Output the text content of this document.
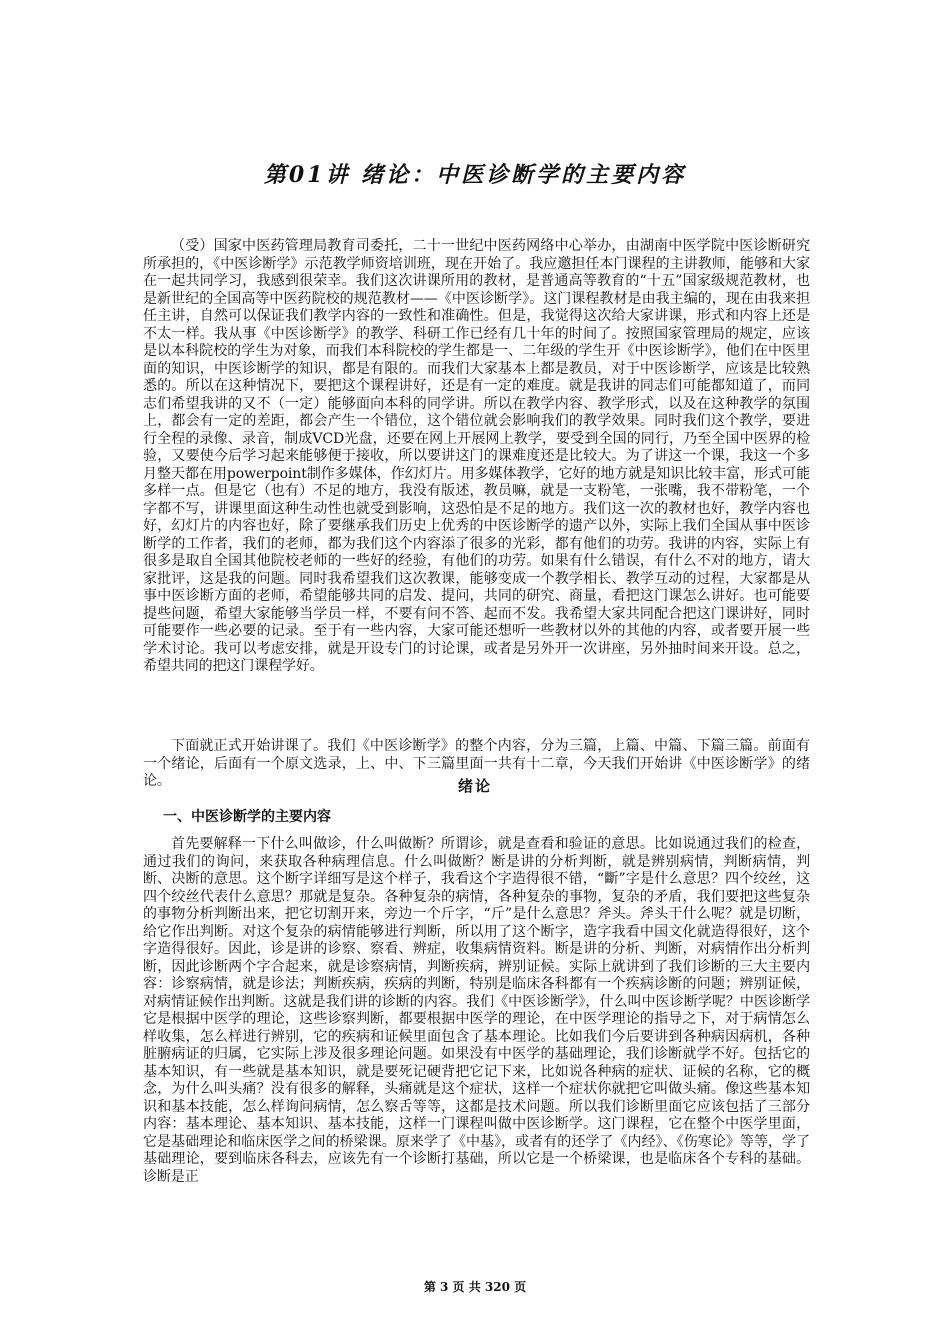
第01讲 绪论：中医诊断学的主要内容

（受）国家中医药管理局教育司委托，二十一世纪中医药网络中心举办，由湖南中医学院中医诊断研究所承担的，《中医诊断学》示范教学师资培训班，现在开始了。我应邀担任本门课程的主讲教师，能够和大家在一起共同学习，我感到很荣幸。我们这次讲课所用的教材，是普通高等教育的“十五”国家级规范教材，也是新世纪的全国高等中医药院校的规范教材——《中医诊断学》。这门课程教材是由我主编的，现在由我来担任主讲，自然可以保证我们教学内容的一致性和准确性。但是，我觉得这次给大家讲课，形式和内容上还是不太一样。我从事《中医诊断学》的教学、科研工作已经有几十年的时间了。按照国家管理局的规定，应该是以本科院校的学生为对象，而我们本科院校的学生都是一、二年级的学生开《中医诊断学》，他们在中医里面的知识，中医诊断学的知识，都是有限的。而我们大家基本上都是教员，对于中医诊断学，应该是比较熟悉的。所以在这种情况下，要把这个课程讲好，还是有一定的难度。就是我讲的同志们可能都知道了，而同志们希望我讲的又不（一定）能够面向本科的同学讲。所以在教学内容、教学形式，以及在这种教学的氛围上，都会有一定的差距，都会产生一个错位，这个错位就会影响我们的教学效果。同时我们这个教学，要进行全程的录像、录音，制成VCD光盘，还要在网上开展网上教学，要受到全国的同行，乃至全国中医界的检验，又要使今后学习起来能够便于接收，所以要讲这门的课难度还是比较大。为了讲这一个课，我这一个多月整天都在用powerpoint制作多媒体，作幻灯片。用多媒体教学，它好的地方就是知识比较丰富，形式可能多样一点。但是它（也有）不足的地方，我没有版述，教员嘛，就是一支粉笔，一张嘴，我不带粉笔，一个字都不写，讲课里面这种生动性也就受到影响，这恐怕是不足的地方。我们这一次的教材也好，教学内容也好，幻灯片的内容也好，除了要继承我们历史上优秀的中医诊断学的遗产以外，实际上我们全国从事中医诊断学的工作者，我们的老师，都为我们这个内容添了很多的光彩，都有他们的功劳。我讲的内容，实际上有很多是取自全国其他院校老师的一些好的经验，有他们的功劳。如果有什么错误，有什么不对的地方，请大家批评，这是我的问题。同时我希望我们这次教课，能够变成一个教学相长、教学互动的过程，大家都是从事中医诊断方面的老师，希望能够共同的启发、提问，共同的研究、商量，看把这门课怎么讲好。也可能要提些问题，希望大家能够当学员一样，不要有问不答、起而不发。我希望大家共同配合把这门课讲好，同时可能要作一些必要的记录。至于有一些内容，大家可能还想听一些教材以外的其他的内容，或者要开展一些学术讨论。我可以考虑安排，就是开设专门的讨论课，或者是另外开一次讲座，另外抽时间来开设。总之，希望共同的把这门课程学好。

下面就正式开始讲课了。我们《中医诊断学》的整个内容，分为三篇，上篇、中篇、下篇三篇。前面有一个绪论，后面有一个原文选录，上、中、下三篇里面一共有十二章，今天我们开始讲《中医诊断学》的绪论。	绪论
一、中医诊断学的主要内容

首先要解释一下什么叫做诊，什么叫做断？所谓诊，就是查看和验证的意思。比如说通过我们的检查，通过我们的询问，来获取各种病理信息。什么叫做断？断是讲的分析判断，就是辨别病情，判断病情，判断、决断的意思。这个断字详细写是这个样子，我看这个字造得很不错，“斷”字是什么意思？四个绞丝，这四个绞丝代表什么意思？那就是复杂。各种复杂的病情，各种复杂的事物，复杂的矛盾，我们要把这些复杂的事物分析判断出来，把它切割开来，旁边一个斤字，“斤”是什么意思？斧头。斧头干什么呢？就是切断，给它作出判断。对这个复杂的病情能够进行判断，所以用了这个断字，造字我看中国文化就造得很好，这个字造得很好。因此，诊是讲的诊察、察看、辨症，收集病情资料。断是讲的分析、判断，对病情作出分析判断，因此诊断两个字合起来，就是诊察病情，判断疾病，辨别证候。实际上就讲到了我们诊断的三大主要内容：诊察病情，就是诊法；判断疾病，疾病的判断，特别是临床各科都有一个疾病诊断的问题；辨别证候，对病情证候作出判断。这就是我们讲的诊断的内容。我们《中医诊断学》，什么叫中医诊断学呢？中医诊断学它是根据中医学的理论，这些诊察判断，都要根据中医学的理论，在中医学理论的指导之下，对于病情怎么样收集，怎么样进行辨别，它的疾病和证候里面包含了基本理论。比如我们今后要讲到各种病因病机，各种脏腑病证的归属，它实际上涉及很多理论问题。如果没有中医学的基础理论，我们诊断就学不好。包括它的基本知识，有一些就是基本知识，就是要死记硬背把它记下来，比如说各种病的症状、证候的名称，它的概念，为什么叫头痛？没有很多的解释，头痛就是这个症状，这样一个症状你就把它叫做头痛。像这些基本知识和基本技能，怎么样询问病情，怎么察舌等等，这都是技术问题。所以我们诊断里面它应该包括了三部分内容：基本理论、基本知识、基本技能，这样一门课程叫做中医诊断学。这门课程，它在整个中医学里面，它是基础理论和临床医学之间的桥梁课。原来学了《中基》，或者有的还学了《内经》、《伤寒论》等等，学了基础理论，要到临床各科去，应该先有一个诊断打基础，所以它是一个桥梁课，也是临床各个专科的基础。诊断是正

第 3 页 共 320 页
